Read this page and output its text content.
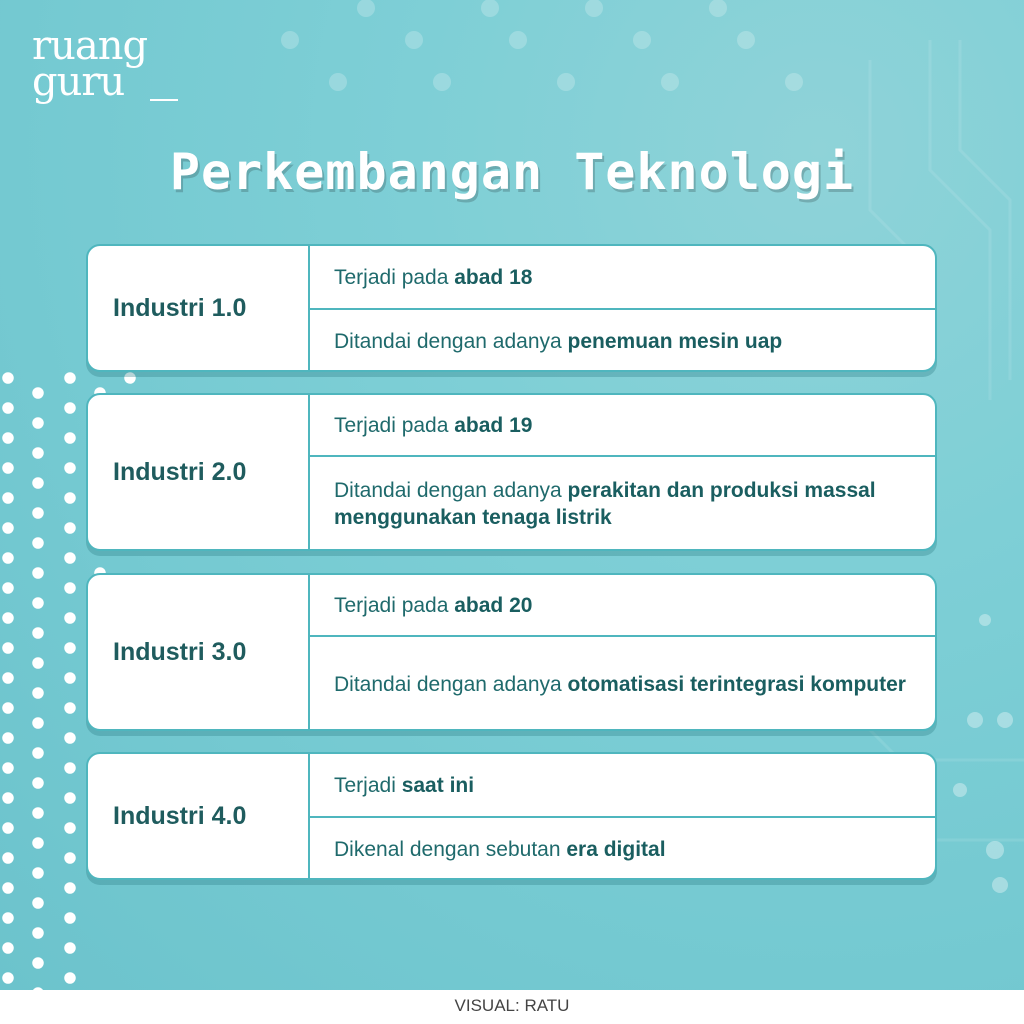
ruang
guru
Perkembangan Teknologi
Industri 1.0
Terjadi pada abad 18
Ditandai dengan adanya penemuan mesin uap
Industri 2.0
Terjadi pada abad 19
Ditandai dengan adanya perakitan dan produksi massal menggunakan tenaga listrik
Industri 3.0
Terjadi pada abad 20
Ditandai dengan adanya otomatisasi terintegrasi komputer
Industri 4.0
Terjadi saat ini
Dikenal dengan sebutan era digital
VISUAL: RATU
